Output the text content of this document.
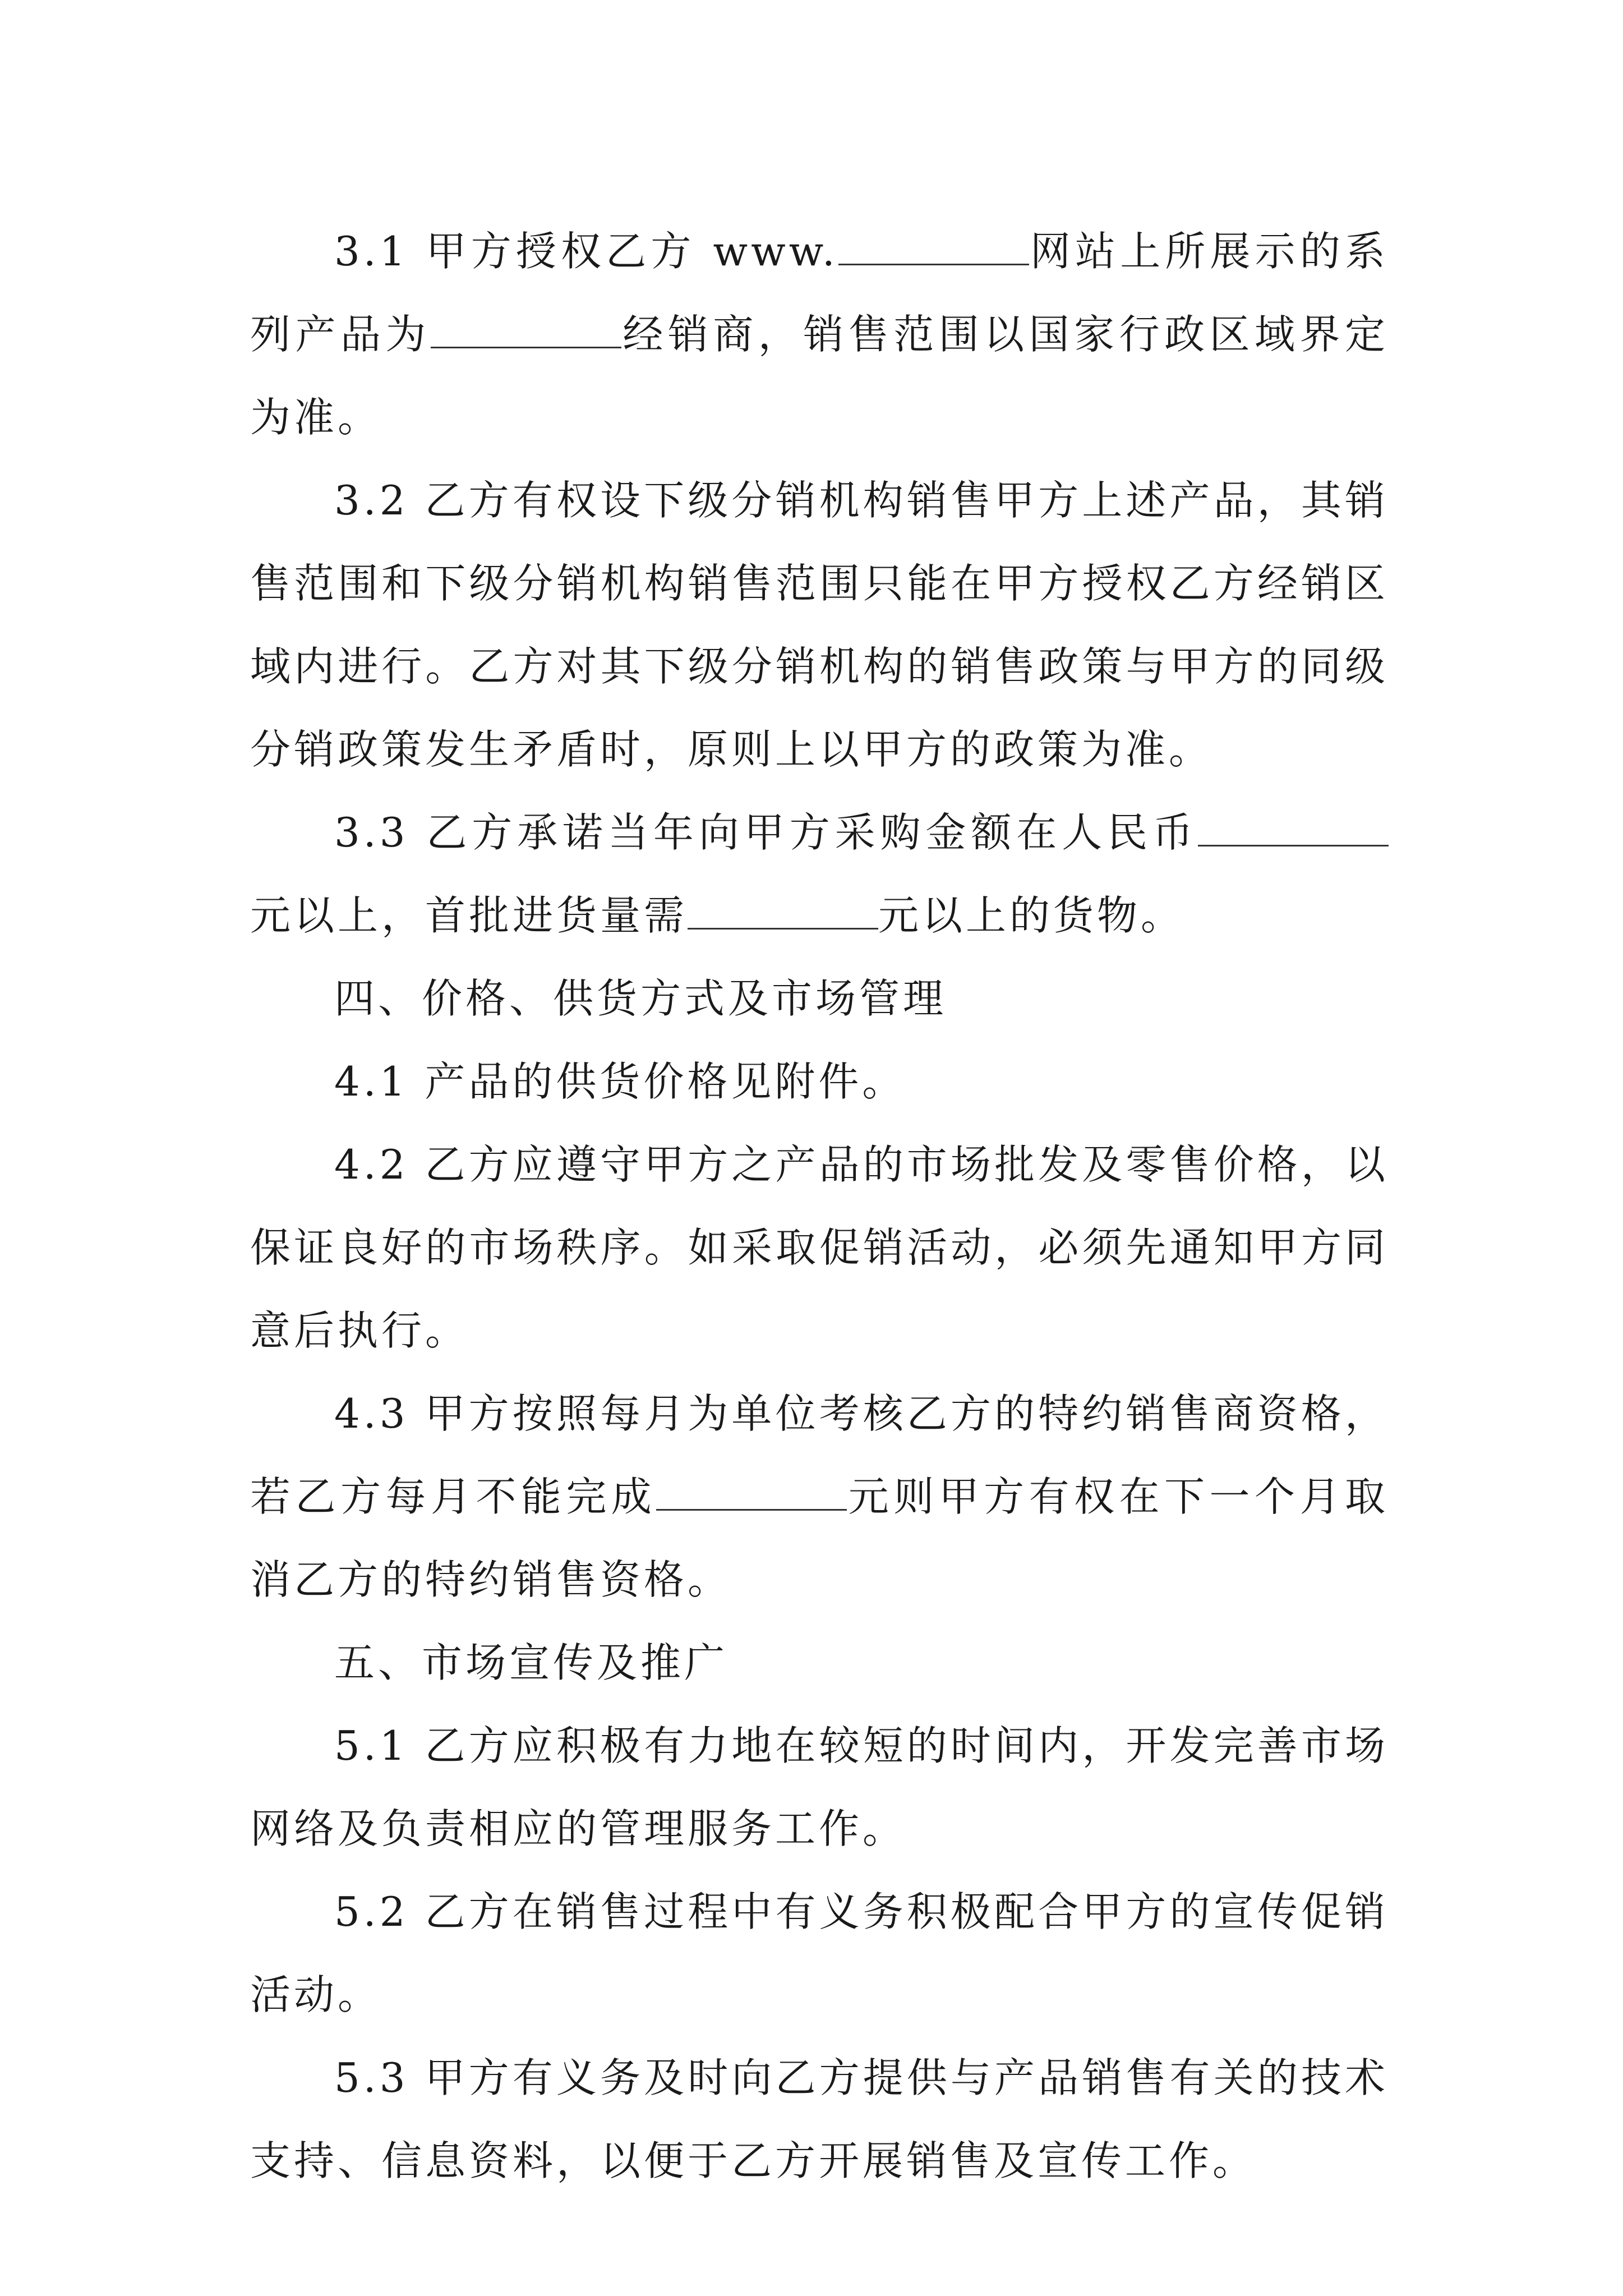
3.1 甲方授权乙方 www.	网站上所展示的系列产品为	经销商，销售范围以国家行政区域界定为准。

3.2 乙方有权设下级分销机构销售甲方上述产品，其销售范围和下级分销机构销售范围只能在甲方授权乙方经销区域内进行。乙方对其下级分销机构的销售政策与甲方的同级分销政策发生矛盾时，原则上以甲方的政策为准。

3.3 乙方承诺当年向甲方采购金额在人民币元以上，首批进货量需	元以上的货物。

四、价格、供货方式及市场管理

4.1 产品的供货价格见附件。

4.2 乙方应遵守甲方之产品的市场批发及零售价格，以保证良好的市场秩序。如采取促销活动，必须先通知甲方同意后执行。

4.3 甲方按照每月为单位考核乙方的特约销售商资格，若乙方每月不能完成	元则甲方有权在下一个月取消乙方的特约销售资格。

五、市场宣传及推广

5.1 乙方应积极有力地在较短的时间内，开发完善市场网络及负责相应的管理服务工作。

5.2 乙方在销售过程中有义务积极配合甲方的宣传促销活动。

5.3 甲方有义务及时向乙方提供与产品销售有关的技术支持、信息资料，以便于乙方开展销售及宣传工作。
